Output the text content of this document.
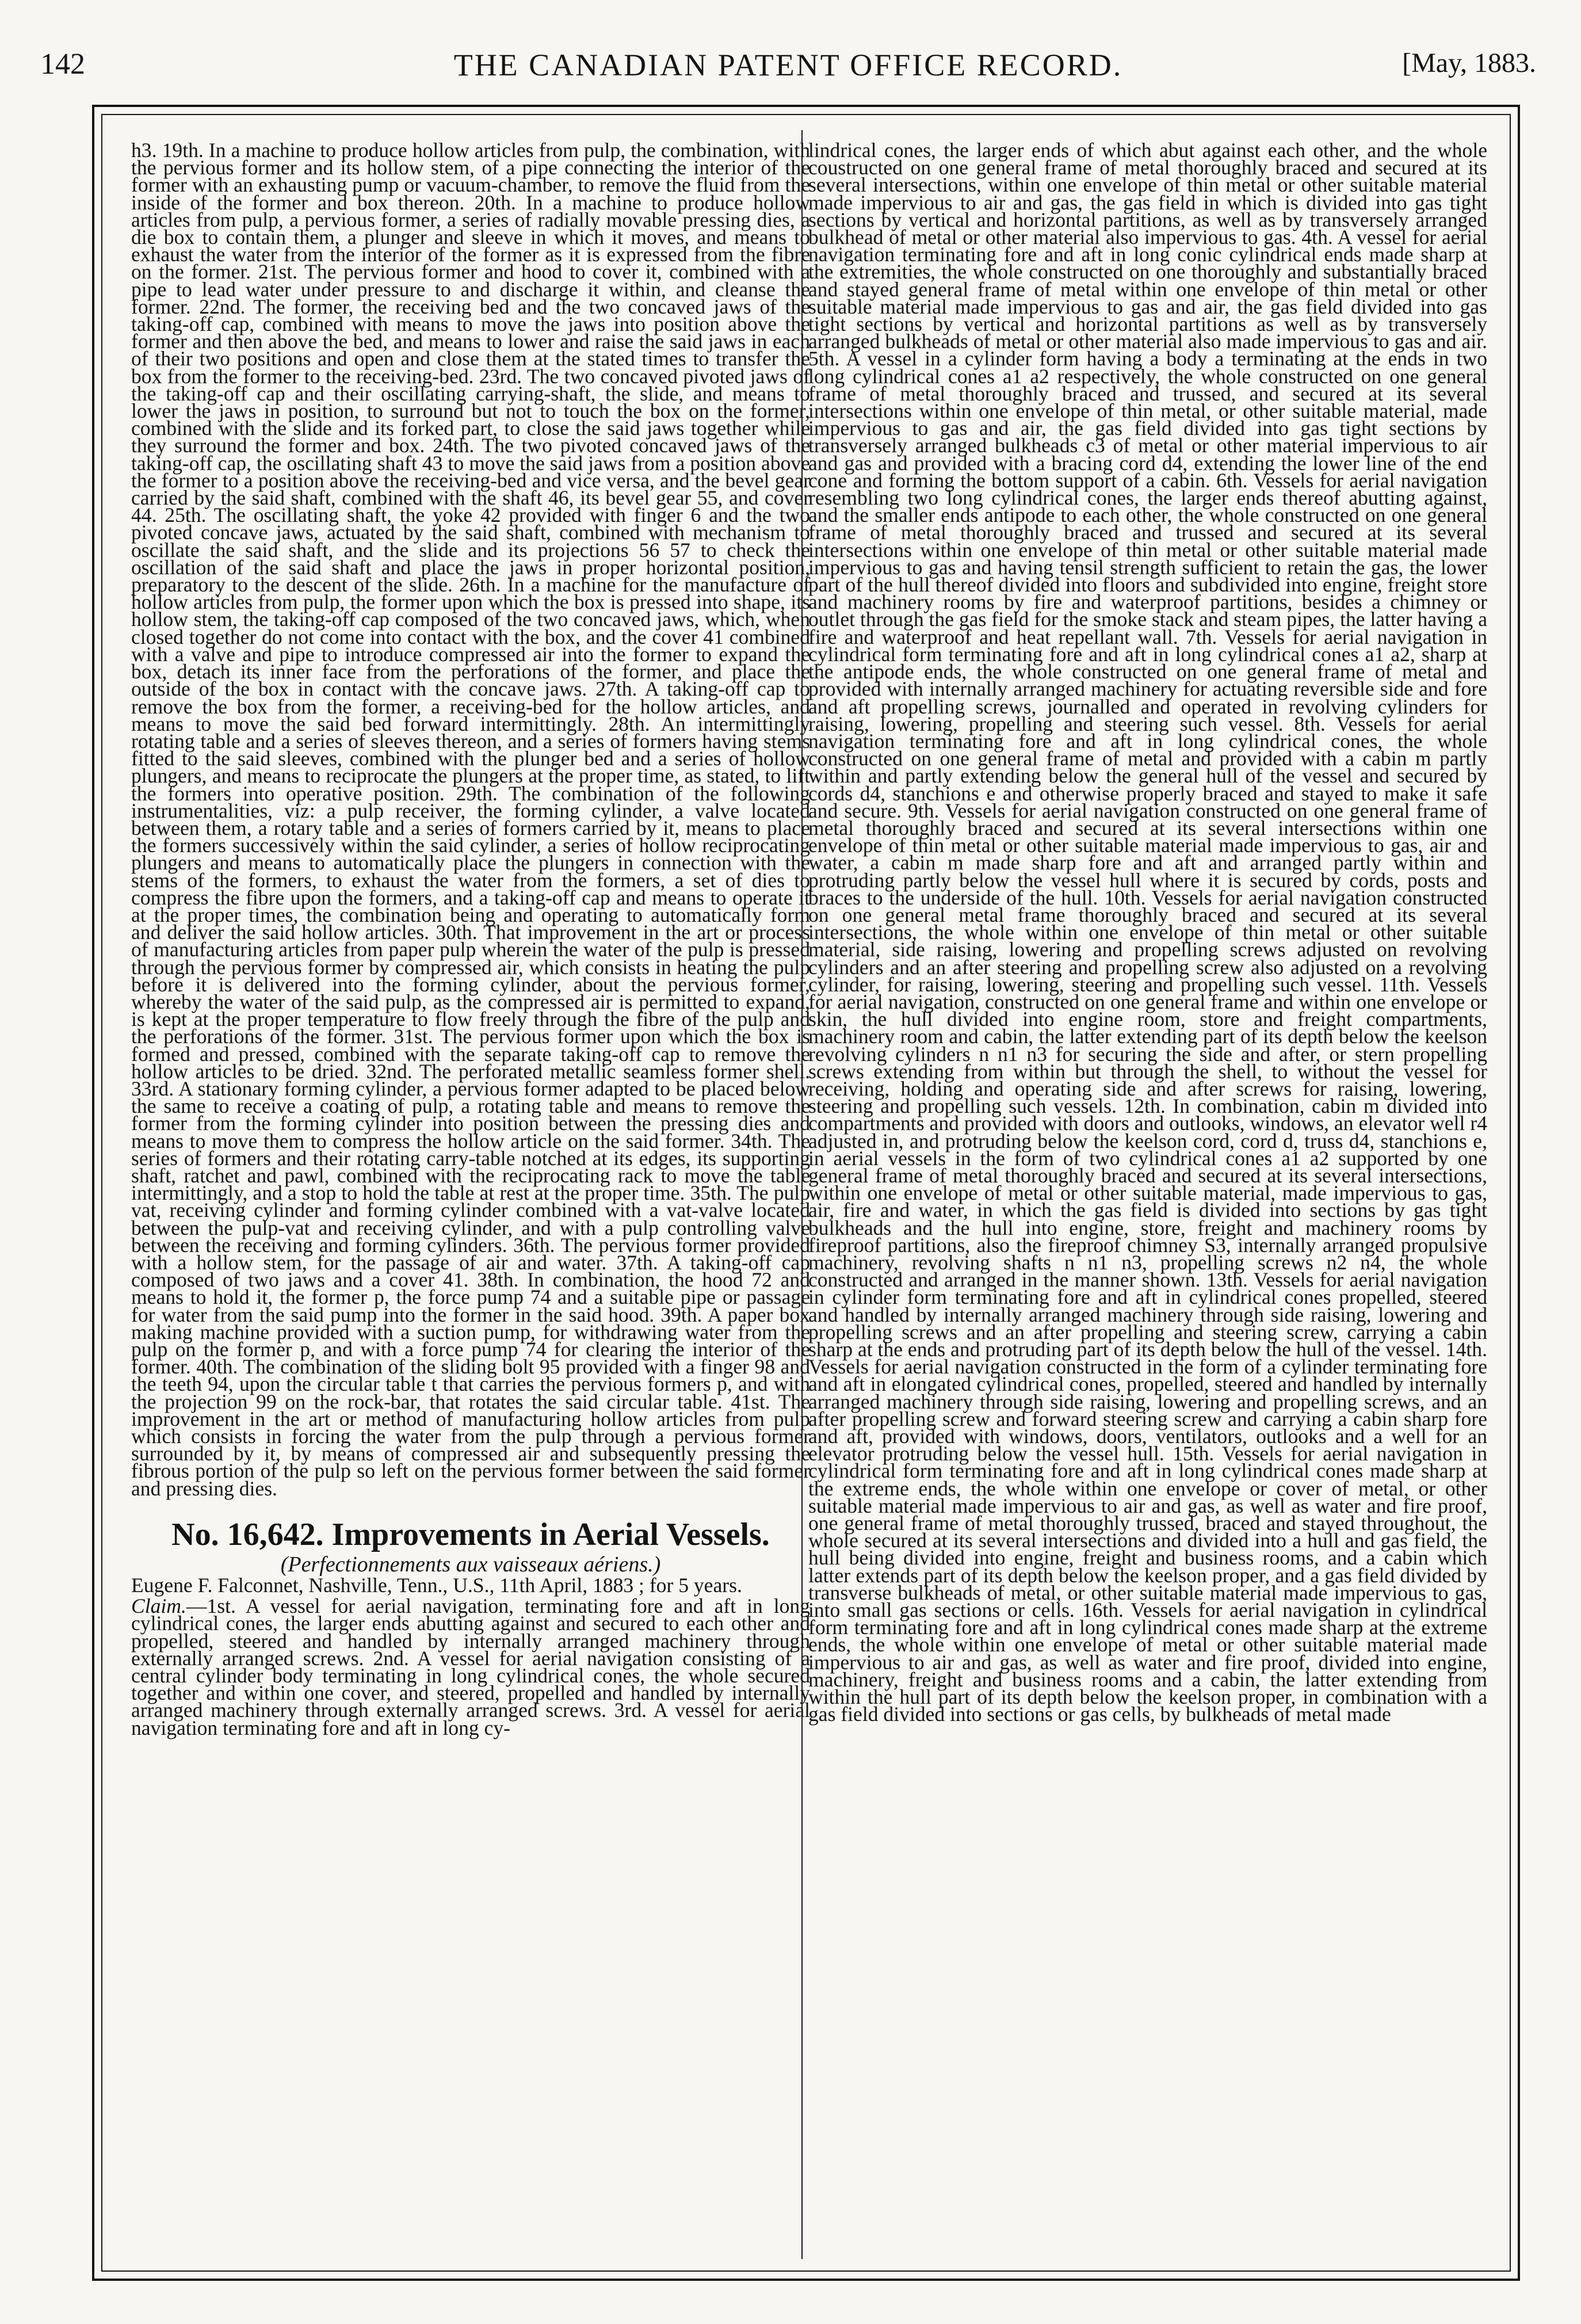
142	THE CANADIAN PATENT OFFICE RECORD.	[May, 1883.

h3. 19th. In a machine to produce hollow articles from pulp, the combination, with the pervious former and its hollow stem, of a pipe connecting the interior of the former with an exhausting pump or vacuum-chamber, to remove the fluid from the inside of the former and box thereon. 20th. In a machine to produce hollow articles from pulp, a pervious former, a series of radially movable pressing dies, a die box to contain them, a plunger and sleeve in which it moves, and means to exhaust the water from the interior of the former as it is expressed from the fibre on the former. 21st. The pervious former and hood to cover it, combined with a pipe to lead water under pressure to and discharge it within, and cleanse the former. 22nd. The former, the receiving bed and the two concaved jaws of the taking-off cap, combined with means to move the jaws into position above the former and then above the bed, and means to lower and raise the said jaws in each of their two positions and open and close them at the stated times to transfer the box from the former to the receiving-bed. 23rd. The two concaved pivoted jaws of the taking-off cap and their oscillating carrying-shaft, the slide, and means to lower the jaws in position, to surround but not to touch the box on the former, combined with the slide and its forked part, to close the said jaws together while they surround the former and box. 24th. The two pivoted concaved jaws of the taking-off cap, the oscillating shaft 43 to move the said jaws from a position above the former to a position above the receiving-bed and vice versa, and the bevel gear carried by the said shaft, combined with the shaft 46, its bevel gear 55, and cover 44. 25th. The oscillating shaft, the yoke 42 provided with finger 6 and the two pivoted concave jaws, actuated by the said shaft, combined with mechanism to oscillate the said shaft, and the slide and its projections 56 57 to check the oscillation of the said shaft and place the jaws in proper horizontal position, preparatory to the descent of the slide. 26th. In a machine for the manufacture of hollow articles from pulp, the former upon which the box is pressed into shape, its hollow stem, the taking-off cap composed of the two concaved jaws, which, when closed together do not come into contact with the box, and the cover 41 combined with a valve and pipe to introduce compressed air into the former to expand the box, detach its inner face from the perforations of the former, and place the outside of the box in contact with the concave jaws. 27th. A taking-off cap to remove the box from the former, a receiving-bed for the hollow articles, and means to move the said bed forward intermittingly. 28th. An intermittingly rotating table and a series of sleeves thereon, and a series of formers having stems fitted to the said sleeves, combined with the plunger bed and a series of hollow plungers, and means to reciprocate the plungers at the proper time, as stated, to lift the formers into operative position. 29th. The combination of the following instrumentalities, viz: a pulp receiver, the forming cylinder, a valve located between them, a rotary table and a series of formers carried by it, means to place the formers successively within the said cylinder, a series of hollow reciprocating plungers and means to automatically place the plungers in connection with the stems of the formers, to exhaust the water from the formers, a set of dies to compress the fibre upon the formers, and a taking-off cap and means to operate it at the proper times, the combination being and operating to automatically form and deliver the said hollow articles. 30th. That improvement in the art or process of manufacturing articles from paper pulp wherein the water of the pulp is pressed through the pervious former by compressed air, which consists in heating the pulp before it is delivered into the forming cylinder, about the pervious former, whereby the water of the said pulp, as the compressed air is permitted to expand, is kept at the proper temperature to flow freely through the fibre of the pulp and the perforations of the former. 31st. The pervious former upon which the box is formed and pressed, combined with the separate taking-off cap to remove the hollow articles to be dried. 32nd. The perforated metallic seamless former shell. 33rd. A stationary forming cylinder, a pervious former adapted to be placed below the same to receive a coating of pulp, a rotating table and means to remove the former from the forming cylinder into position between the pressing dies and means to move them to compress the hollow article on the said former. 34th. The series of formers and their rotating carry-table notched at its edges, its supporting shaft, ratchet and pawl, combined with the reciprocating rack to move the table intermittingly, and a stop to hold the table at rest at the proper time. 35th. The pulp vat, receiving cylinder and forming cylinder combined with a vat-valve located between the pulp-vat and receiving cylinder, and with a pulp controlling valve between the receiving and forming cylinders. 36th. The pervious former provided with a hollow stem, for the passage of air and water. 37th. A taking-off cap composed of two jaws and a cover 41. 38th. In combination, the hood 72 and means to hold it, the former p, the force pump 74 and a suitable pipe or passage for water from the said pump into the former in the said hood. 39th. A paper box making machine provided with a suction pump, for withdrawing water from the pulp on the former p, and with a force pump 74 for clearing the interior of the former. 40th. The combination of the sliding bolt 95 provided with a finger 98 and the teeth 94, upon the circular table t that carries the pervious formers p, and with the projection 99 on the rock-bar, that rotates the said circular table. 41st. The improvement in the art or method of manufacturing hollow articles from pulp which consists in forcing the water from the pulp through a pervious former surrounded by it, by means of compressed air and subsequently pressing the fibrous portion of the pulp so left on the pervious former between the said former and pressing dies.

No. 16,642. Improvements in Aerial Vessels.

(Perfectionnements aux vaisseaux aériens.)

Eugene F. Falconnet, Nashville, Tenn., U.S., 11th April, 1883 ; for 5 years.

Claim.—1st. A vessel for aerial navigation, terminating fore and aft in long cylindrical cones, the larger ends abutting against and secured to each other and propelled, steered and handled by internally arranged machinery through externally arranged screws. 2nd. A vessel for aerial navigation consisting of a central cylinder body terminating in long cylindrical cones, the whole secured together and within one cover, and steered, propelled and handled by internally arranged machinery through externally arranged screws. 3rd. A vessel for aerial navigation terminating fore and aft in long cy-

lindrical cones, the larger ends of which abut against each other, and the whole coustructed on one general frame of metal thoroughly braced and secured at its several intersections, within one envelope of thin metal or other suitable material made impervious to air and gas, the gas field in which is divided into gas tight sections by vertical and horizontal partitions, as well as by transversely arranged bulkhead of metal or other material also impervious to gas. 4th. A vessel for aerial navigation terminating fore and aft in long conic cylindrical ends made sharp at the extremities, the whole constructed on one thoroughly and substantially braced and stayed general frame of metal within one envelope of thin metal or other suitable material made impervious to gas and air, the gas field divided into gas tight sections by vertical and horizontal partitions as well as by transversely arranged bulkheads of metal or other material also made impervious to gas and air. 5th. A vessel in a cylinder form having a body a terminating at the ends in two long cylindrical cones a1 a2 respectively, the whole constructed on one general frame of metal thoroughly braced and trussed, and secured at its several intersections within one envelope of thin metal, or other suitable material, made impervious to gas and air, the gas field divided into gas tight sections by transversely arranged bulkheads c3 of metal or other material impervious to air and gas and provided with a bracing cord d4, extending the lower line of the end cone and forming the bottom support of a cabin. 6th. Vessels for aerial navigation resembling two long cylindrical cones, the larger ends thereof abutting against, and the smaller ends antipode to each other, the whole constructed on one general frame of metal thoroughly braced and trussed and secured at its several intersections within one envelope of thin metal or other suitable material made impervious to gas and having tensil strength sufficient to retain the gas, the lower part of the hull thereof divided into floors and subdivided into engine, freight store and machinery rooms by fire and waterproof partitions, besides a chimney or outlet through the gas field for the smoke stack and steam pipes, the latter having a fire and waterproof and heat repellant wall. 7th. Vessels for aerial navigation in cylindrical form terminating fore and aft in long cylindrical cones a1 a2, sharp at the antipode ends, the whole constructed on one general frame of metal and provided with internally arranged machinery for actuating reversible side and fore and aft propelling screws, journalled and operated in revolving cylinders for raising, lowering, propelling and steering such vessel. 8th. Vessels for aerial navigation terminating fore and aft in long cylindrical cones, the whole constructed on one general frame of metal and provided with a cabin m partly within and partly extending below the general hull of the vessel and secured by cords d4, stanchions e and otherwise properly braced and stayed to make it safe and secure. 9th. Vessels for aerial navigation constructed on one general frame of metal thoroughly braced and secured at its several intersections within one envelope of thin metal or other suitable material made impervious to gas, air and water, a cabin m made sharp fore and aft and arranged partly within and protruding partly below the vessel hull where it is secured by cords, posts and braces to the underside of the hull. 10th. Vessels for aerial navigation constructed on one general metal frame thoroughly braced and secured at its several intersections, the whole within one envelope of thin metal or other suitable material, side raising, lowering and propelling screws adjusted on revolving cylinders and an after steering and propelling screw also adjusted on a revolving cylinder, for raising, lowering, steering and propelling such vessel. 11th. Vessels for aerial navigation, constructed on one general frame and within one envelope or skin, the hull divided into engine room, store and freight compartments, machinery room and cabin, the latter extending part of its depth below the keelson revolving cylinders n n1 n3 for securing the side and after, or stern propelling screws extending from within but through the shell, to without the vessel for receiving, holding and operating side and after screws for raising, lowering, steering and propelling such vessels. 12th. In combination, cabin m divided into compartments and provided with doors and outlooks, windows, an elevator well r4 adjusted in, and protruding below the keelson cord, cord d, truss d4, stanchions e, in aerial vessels in the form of two cylindrical cones a1 a2 supported by one general frame of metal thoroughly braced and secured at its several intersections, within one envelope of metal or other suitable material, made impervious to gas, air, fire and water, in which the gas field is divided into sections by gas tight bulkheads and the hull into engine, store, freight and machinery rooms by fireproof partitions, also the fireproof chimney S3, internally arranged propulsive machinery, revolving shafts n n1 n3, propelling screws n2 n4, the whole constructed and arranged in the manner shown. 13th. Vessels for aerial navigation in cylinder form terminating fore and aft in cylindrical cones propelled, steered and handled by internally arranged machinery through side raising, lowering and propelling screws and an after propelling and steering screw, carrying a cabin sharp at the ends and protruding part of its depth below the hull of the vessel. 14th. Vessels for aerial navigation constructed in the form of a cylinder terminating fore and aft in elongated cylindrical cones, propelled, steered and handled by internally arranged machinery through side raising, lowering and propelling screws, and an after propelling screw and forward steering screw and carrying a cabin sharp fore and aft, provided with windows, doors, ventilators, outlooks and a well for an elevator protruding below the vessel hull. 15th. Vessels for aerial navigation in cylindrical form terminating fore and aft in long cylindrical cones made sharp at the extreme ends, the whole within one envelope or cover of metal, or other suitable material made impervious to air and gas, as well as water and fire proof, one general frame of metal thoroughly trussed, braced and stayed throughout, the whole secured at its several intersections and divided into a hull and gas field, the hull being divided into engine, freight and business rooms, and a cabin which latter extends part of its depth below the keelson proper, and a gas field divided by transverse bulkheads of metal, or other suitable material made impervious to gas, into small gas sections or cells. 16th. Vessels for aerial navigation in cylindrical form terminating fore and aft in long cylindrical cones made sharp at the extreme ends, the whole within one envelope of metal or other suitable material made impervious to air and gas, as well as water and fire proof, divided into engine, machinery, freight and business rooms and a cabin, the latter extending from within the hull part of its depth below the keelson proper, in combination with a gas field divided into sections or gas cells, by bulkheads of metal made
